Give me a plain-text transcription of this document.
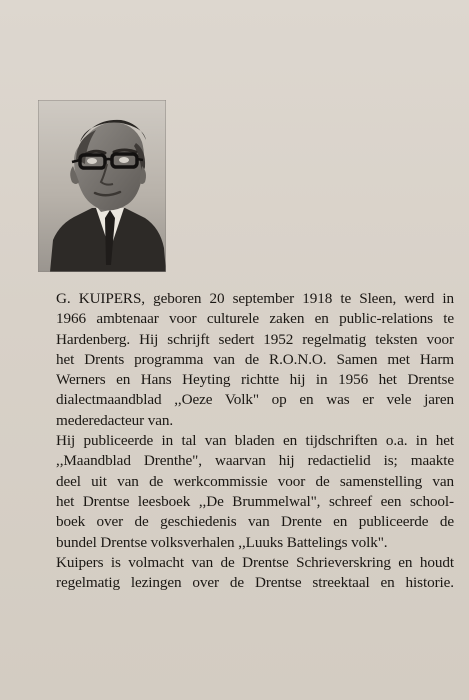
G. KUIPERS, geboren 20 september 1918 te Sleen, werd in
1966 ambtenaar voor culturele zaken en public-relations te
Hardenberg. Hij schrijft sedert 1952 regelmatig teksten voor
het Drents programma van de R.O.N.O. Samen met Harm
Werners en Hans Heyting richtte hij in 1956 het Drentse
dialectmaandblad ,,Oeze Volk" op en was er vele jaren
mederedacteur van.
Hij publiceerde in tal van bladen en tijdschriften o.a. in het
,,Maandblad Drenthe", waarvan hij redactielid is; maakte
deel uit van de werkcommissie voor de samenstelling van
het Drentse leesboek ,,De Brummelwal", schreef een school-
boek over de geschiedenis van Drente en publiceerde de
bundel Drentse volksverhalen ,,Luuks Battelings volk".
Kuipers is volmacht van de Drentse Schrieverskring en houdt
regelmatig lezingen over de Drentse streektaal en historie.
